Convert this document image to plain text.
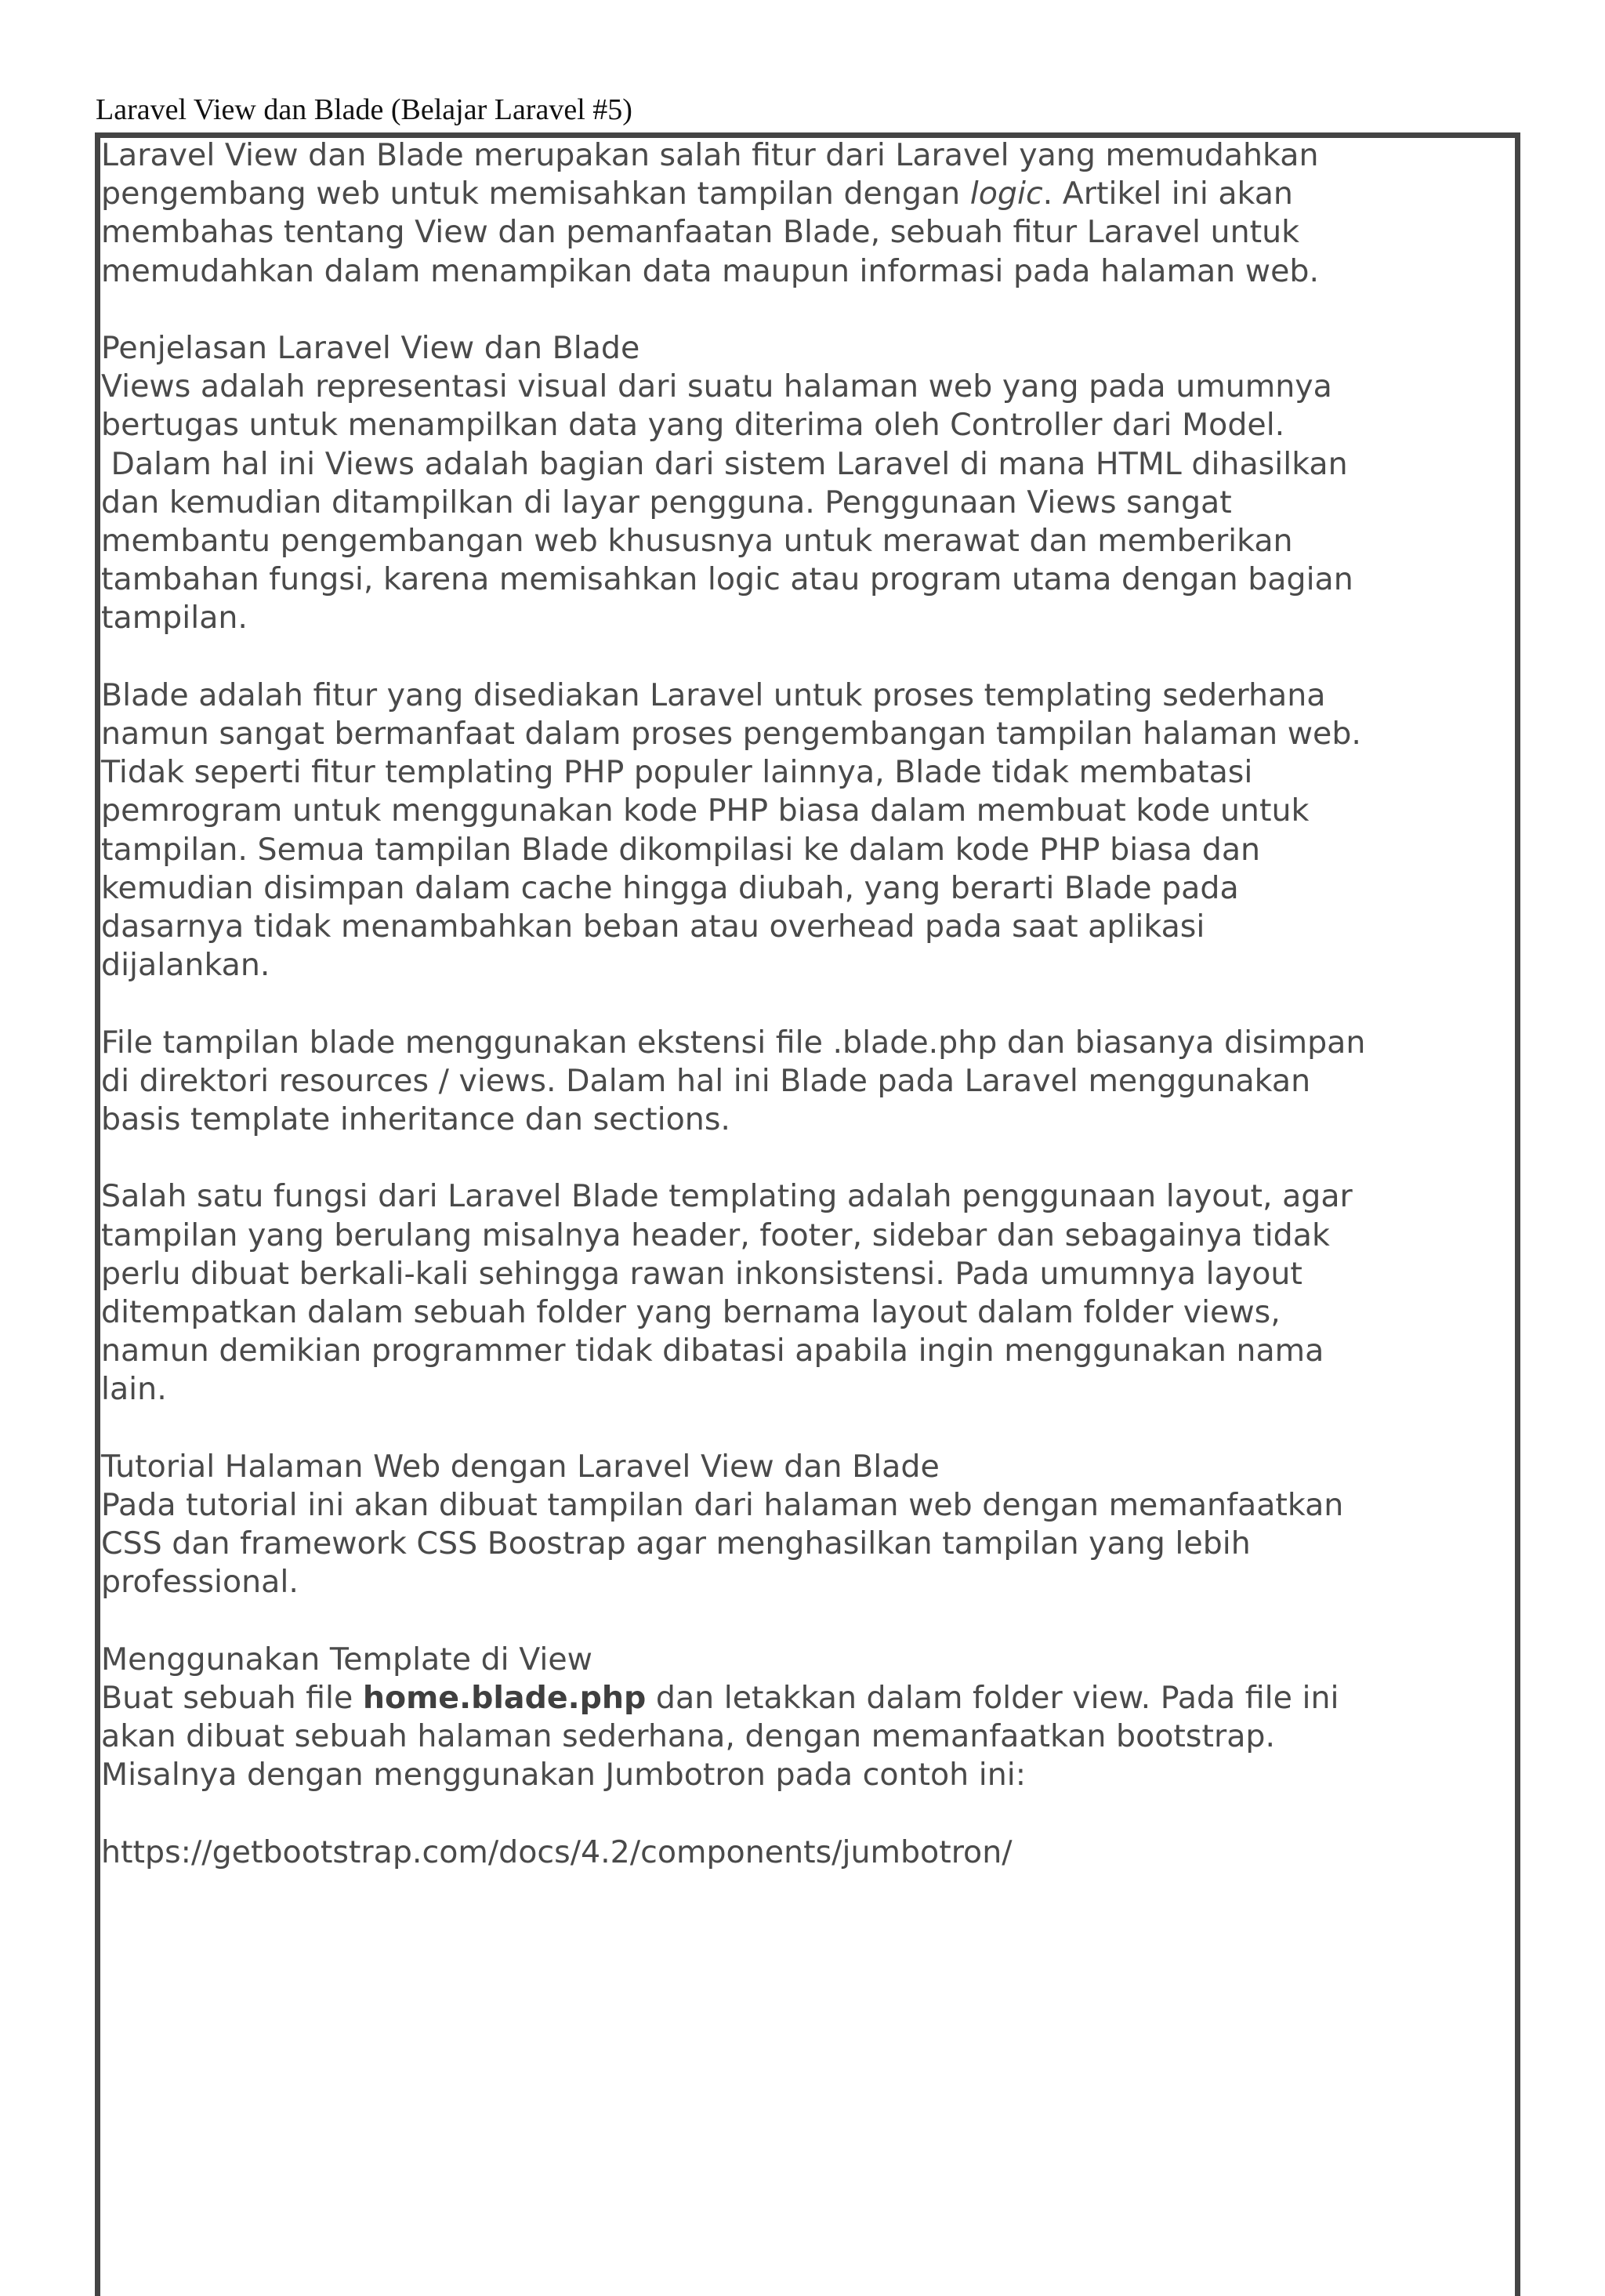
Laravel View dan Blade (Belajar Laravel #5)

Laravel View dan Blade merupakan salah fitur dari Laravel yang memudahkan
pengembang web untuk memisahkan tampilan dengan logic. Artikel ini akan
membahas tentang View dan pemanfaatan Blade, sebuah fitur Laravel untuk
memudahkan dalam menampikan data maupun informasi pada halaman web.

Penjelasan Laravel View dan Blade
Views adalah representasi visual dari suatu halaman web yang pada umumnya
bertugas untuk menampilkan data yang diterima oleh Controller dari Model.
Dalam hal ini Views adalah bagian dari sistem Laravel di mana HTML dihasilkan
dan kemudian ditampilkan di layar pengguna. Penggunaan Views sangat
membantu pengembangan web khususnya untuk merawat dan memberikan
tambahan fungsi, karena memisahkan logic atau program utama dengan bagian
tampilan.

Blade adalah fitur yang disediakan Laravel untuk proses templating sederhana
namun sangat bermanfaat dalam proses pengembangan tampilan halaman web.
Tidak seperti fitur templating PHP populer lainnya, Blade tidak membatasi
pemrogram untuk menggunakan kode PHP biasa dalam membuat kode untuk
tampilan. Semua tampilan Blade dikompilasi ke dalam kode PHP biasa dan
kemudian disimpan dalam cache hingga diubah, yang berarti Blade pada
dasarnya tidak menambahkan beban atau overhead pada saat aplikasi
dijalankan.

File tampilan blade menggunakan ekstensi file .blade.php dan biasanya disimpan
di direktori resources / views. Dalam hal ini Blade pada Laravel menggunakan
basis template inheritance dan sections.

Salah satu fungsi dari Laravel Blade templating adalah penggunaan layout, agar
tampilan yang berulang misalnya header, footer, sidebar dan sebagainya tidak
perlu dibuat berkali-kali sehingga rawan inkonsistensi. Pada umumnya layout
ditempatkan dalam sebuah folder yang bernama layout dalam folder views,
namun demikian programmer tidak dibatasi apabila ingin menggunakan nama
lain.

Tutorial Halaman Web dengan Laravel View dan Blade
Pada tutorial ini akan dibuat tampilan dari halaman web dengan memanfaatkan
CSS dan framework CSS Boostrap agar menghasilkan tampilan yang lebih
professional.

Menggunakan Template di View
Buat sebuah file home.blade.php dan letakkan dalam folder view. Pada file ini
akan dibuat sebuah halaman sederhana, dengan memanfaatkan bootstrap.
Misalnya dengan menggunakan Jumbotron pada contoh ini:

https://getbootstrap.com/docs/4.2/components/jumbotron/
